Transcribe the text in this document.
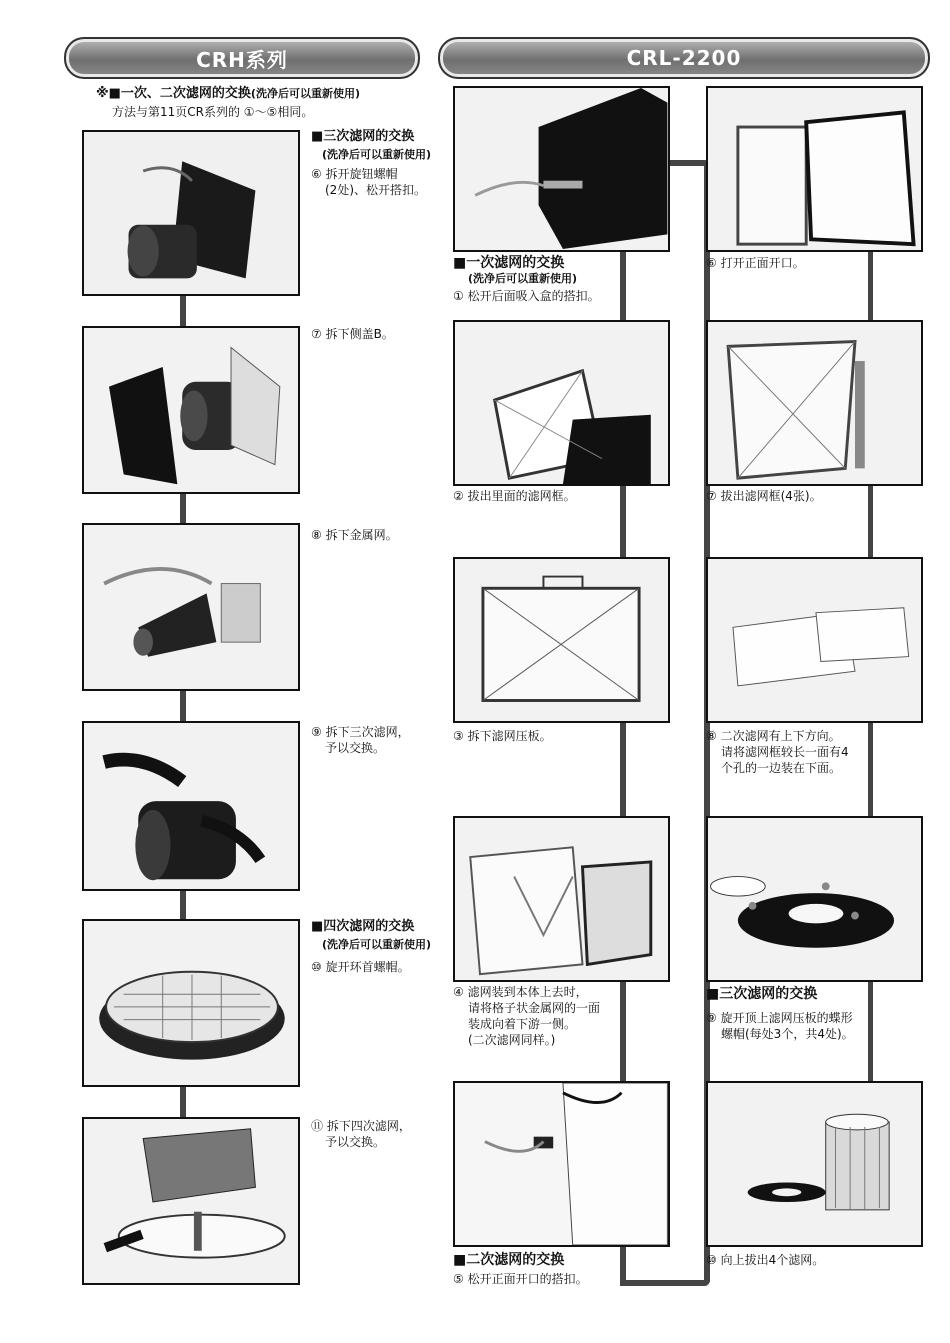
CRH系列	CRL-2200
※■一次、二次滤网的交换(洗净后可以重新使用)
方法与第11页CR系列的 ①～⑤相同。
■三次滤网的交换
(洗净后可以重新使用)
⑥ 拆开旋钮螺帽
(2处)、松开搭扣。
⑦ 拆下侧盖B。
⑧ 拆下金属网。
⑨ 拆下三次滤网，
予以交换。
■四次滤网的交换
(洗净后可以重新使用)
⑩ 旋开环首螺帽。
⑪ 拆下四次滤网，
予以交换。
■一次滤网的交换
(洗净后可以重新使用)
① 松开后面吸入盒的搭扣。
② 拔出里面的滤网框。
③ 拆下滤网压板。
④ 滤网装到本体上去时，
请将格子状金属网的一面
装成向着下游一侧。
(二次滤网同样。)
■二次滤网的交换
⑤ 松开正面开口的搭扣。
⑥ 打开正面开口。
⑦ 拔出滤网框(4张)。
⑧ 二次滤网有上下方向。
请将滤网框较长一面有4
个孔的一边装在下面。
■三次滤网的交换
⑨ 旋开顶上滤网压板的蝶形
螺帽(每处3个，共4处)。
⑩ 向上拔出4个滤网。
